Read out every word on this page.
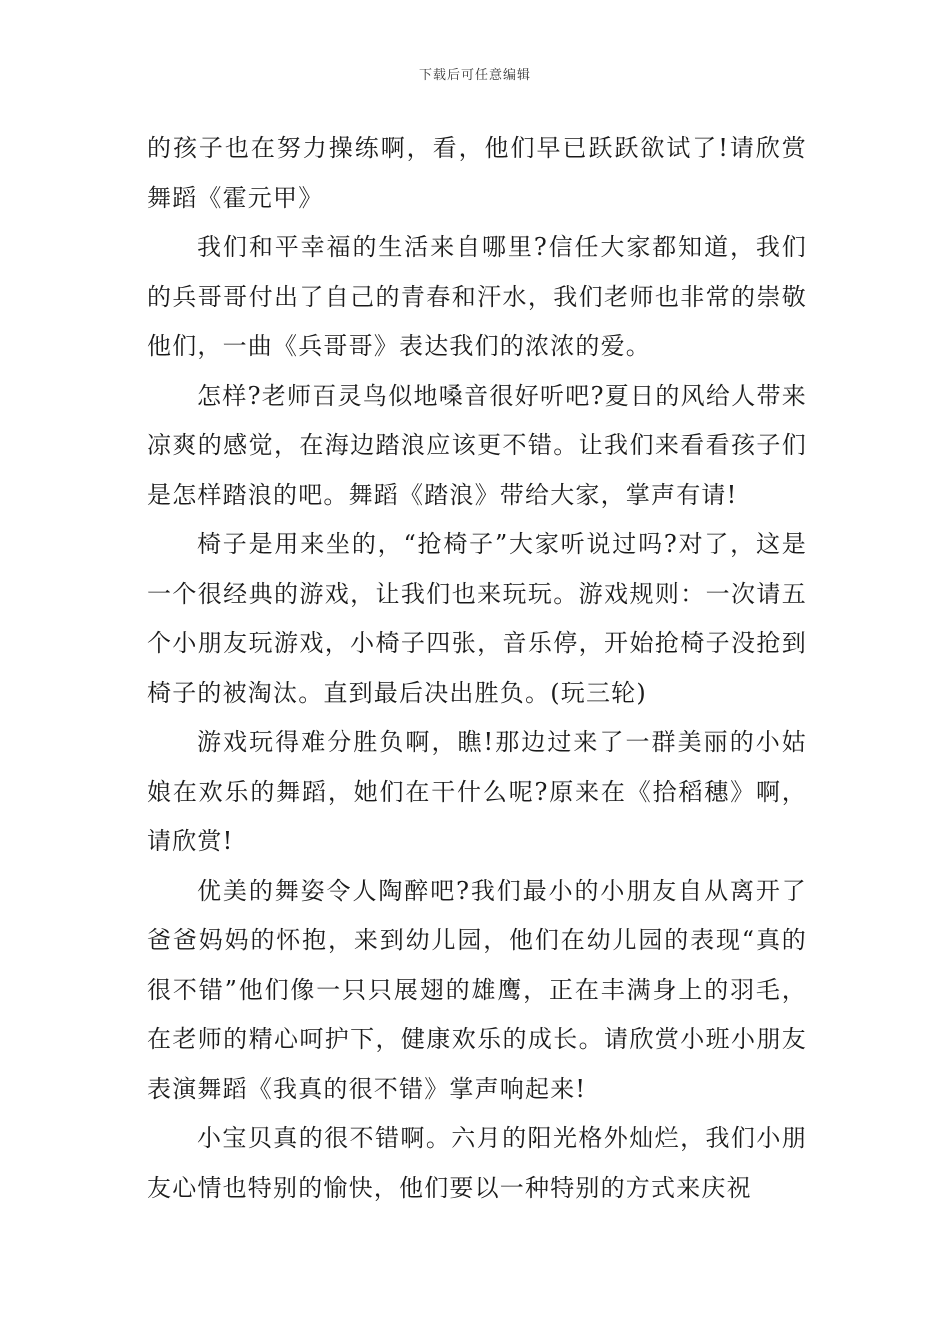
下载后可任意编辑

的孩子也在努力操练啊，看，他们早已跃跃欲试了!请欣赏舞蹈《霍元甲》

我们和平幸福的生活来自哪里?信任大家都知道，我们的兵哥哥付出了自己的青春和汗水，我们老师也非常的崇敬他们，一曲《兵哥哥》表达我们的浓浓的爱。

怎样?老师百灵鸟似地嗓音很好听吧?夏日的风给人带来凉爽的感觉，在海边踏浪应该更不错。让我们来看看孩子们是怎样踏浪的吧。舞蹈《踏浪》带给大家，掌声有请!

椅子是用来坐的，“抢椅子”大家听说过吗?对了，这是一个很经典的游戏，让我们也来玩玩。游戏规则：一次请五个小朋友玩游戏，小椅子四张，音乐停，开始抢椅子没抢到椅子的被淘汰。直到最后决出胜负。(玩三轮)

游戏玩得难分胜负啊，瞧!那边过来了一群美丽的小姑娘在欢乐的舞蹈，她们在干什么呢?原来在《拾稻穗》啊，请欣赏!

优美的舞姿令人陶醉吧?我们最小的小朋友自从离开了爸爸妈妈的怀抱，来到幼儿园，他们在幼儿园的表现“真的很不错”他们像一只只展翅的雄鹰，正在丰满身上的羽毛，在老师的精心呵护下，健康欢乐的成长。请欣赏小班小朋友表演舞蹈《我真的很不错》掌声响起来!

小宝贝真的很不错啊。六月的阳光格外灿烂，我们小朋友心情也特别的愉快，他们要以一种特别的方式来庆祝
